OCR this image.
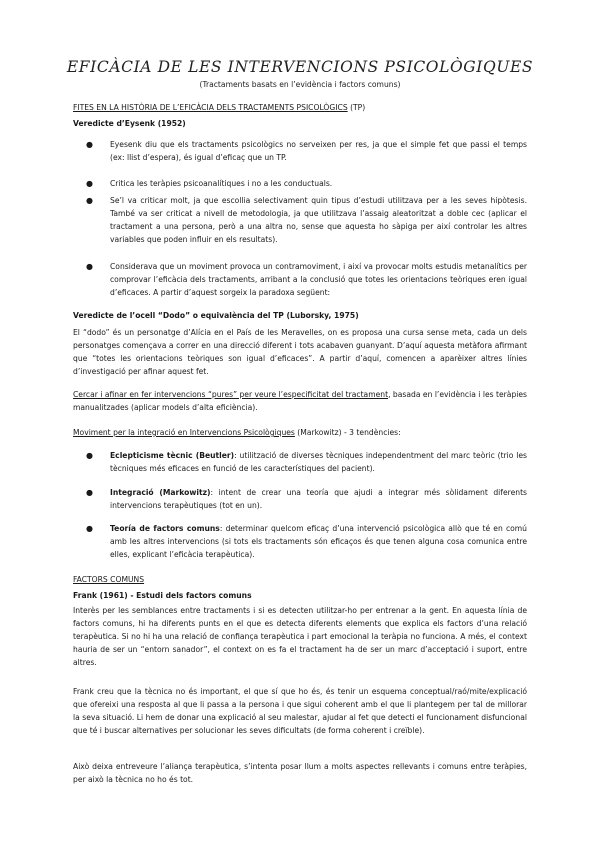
EFICÀCIA DE LES INTERVENCIONS PSICOLÒGIQUES
(Tractaments basats en l’evidència i factors comuns)
FITES EN LA HISTÒRIA DE L’EFICÀCIA DELS TRACTAMENTS PSICOLÒGICS (TP)
Veredicte d’Eysenk (1952)
● Eyesenk diu que els tractaments psicològics no serveixen per res, ja que el simple fet que passi el temps (ex: llist d’espera), és igual d’eficaç que un TP.
● Critica les teràpies psicoanalítiques i no a les conductuals.
● Se’l va criticar molt, ja que escollia selectivament quin tipus d’estudi utilitzava per a les seves hipòtesis. També va ser criticat a nivell de metodologia, ja que utilitzava l’assaig aleatoritzat a doble cec (aplicar el tractament a una persona, però a una altra no, sense que aquesta ho sàpiga per així controlar les altres variables que poden influir en els resultats).
● Considerava que un moviment provoca un contramoviment, i així va provocar molts estudis metanalítics per comprovar l’eficàcia dels tractaments, arribant a la conclusió que totes les orientacions teòriques eren igual d’eficaces. A partir d’aquest sorgeix la paradoxa següent:
Veredicte de l’ocell “Dodo” o equivalència del TP (Luborsky, 1975)
El “dodo” és un personatge d’Alícia en el País de les Meravelles, on es proposa una cursa sense meta, cada un dels personatges començava a correr en una direcció diferent i tots acabaven guanyant. D’aquí aquesta metàfora afirmant que “totes les orientacions teòriques son igual d’eficaces”. A partir d’aquí, comencen a aparèixer altres línies d’investigació per afinar aquest fet.
Cercar i afinar en fer intervencions “pures” per veure l’especificitat del tractament, basada en l’evidència i les teràpies manualitzades (aplicar models d’alta eficiència).
Moviment per la integració en Intervencions Psicològiques (Markowitz) - 3 tendències:
● Eclepticisme tècnic (Beutler): utilització de diverses tècniques independentment del marc teòric (trio les tècniques més eficaces en funció de les característiques del pacient).
● Integració (Markowitz): intent de crear una teoría que ajudi a integrar més sòlidament diferents intervencions terapèutiques (tot en un).
● Teoría de factors comuns: determinar quelcom eficaç d’una intervenció psicològica allò que té en comú amb les altres intervencions (si tots els tractaments són eficaços és que tenen alguna cosa comunica entre elles, explicant l’eficàcia terapèutica).
FACTORS COMUNS
Frank (1961) - Estudi dels factors comuns
Interès per les semblances entre tractaments i si es detecten utilitzar-ho per entrenar a la gent. En aquesta línia de factors comuns, hi ha diferents punts en el que es detecta diferents elements que explica els factors d’una relació terapèutica. Si no hi ha una relació de confiança terapèutica i part emocional la teràpia no funciona. A més, el context hauria de ser un “entorn sanador”, el context on es fa el tractament ha de ser un marc d’acceptació i suport, entre altres.
Frank creu que la tècnica no és important, el que sí que ho és, és tenir un esquema conceptual/raó/mite/explicació que ofereixi una resposta al que li passa a la persona i que sigui coherent amb el que li plantegem per tal de millorar la seva situació. Li hem de donar una explicació al seu malestar, ajudar al fet que detecti el funcionament disfuncional que té i buscar alternatives per solucionar les seves dificultats (de forma coherent i creïble).
Això deixa entreveure l’aliança terapèutica, s’intenta posar llum a molts aspectes rellevants i comuns entre teràpies, per això la tècnica no ho és tot.
